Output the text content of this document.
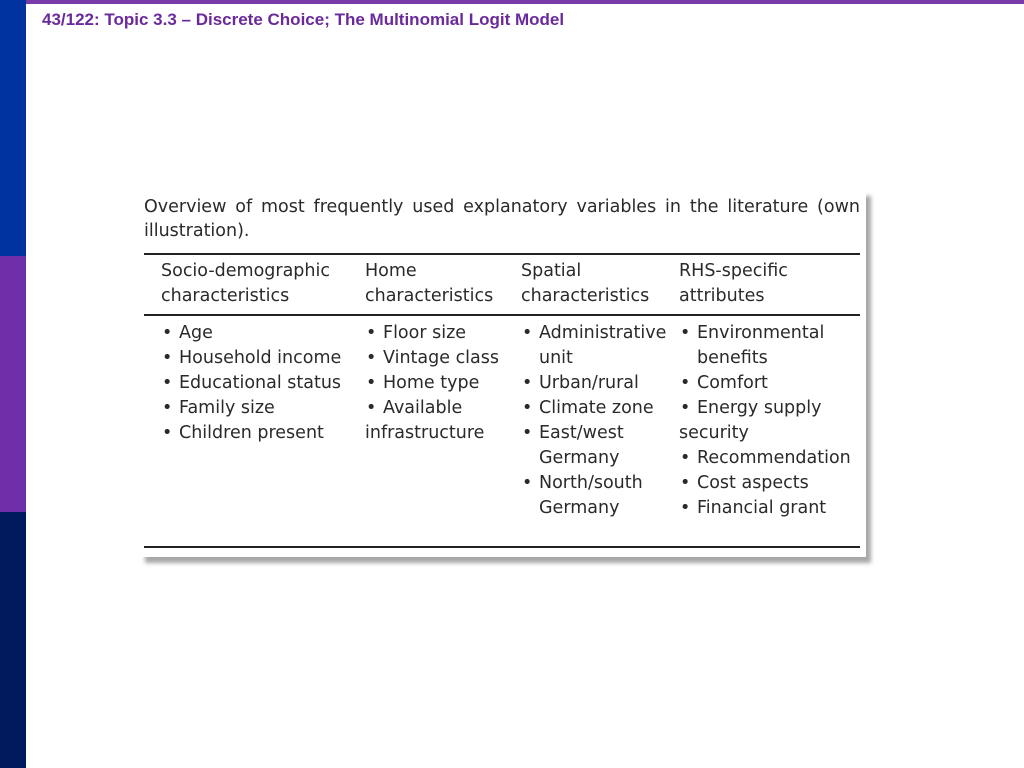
43/122: Topic 3.3 – Discrete Choice; The Multinomial Logit Model
Overview of most frequently used explanatory variables in the literature (own
illustration).
Socio-demographic
characteristics
Home
characteristics
Spatial
characteristics
RHS-specific
attributes
• Age
• Household income
• Educational status
• Family size
• Children present
• Floor size
• Vintage class
• Home type
• Available
infrastructure
• Administrative
unit
• Urban/rural
• Climate zone
• East/west
Germany
• North/south
Germany
• Environmental
benefits
• Comfort
• Energy supply
security
• Recommendation
• Cost aspects
• Financial grant
